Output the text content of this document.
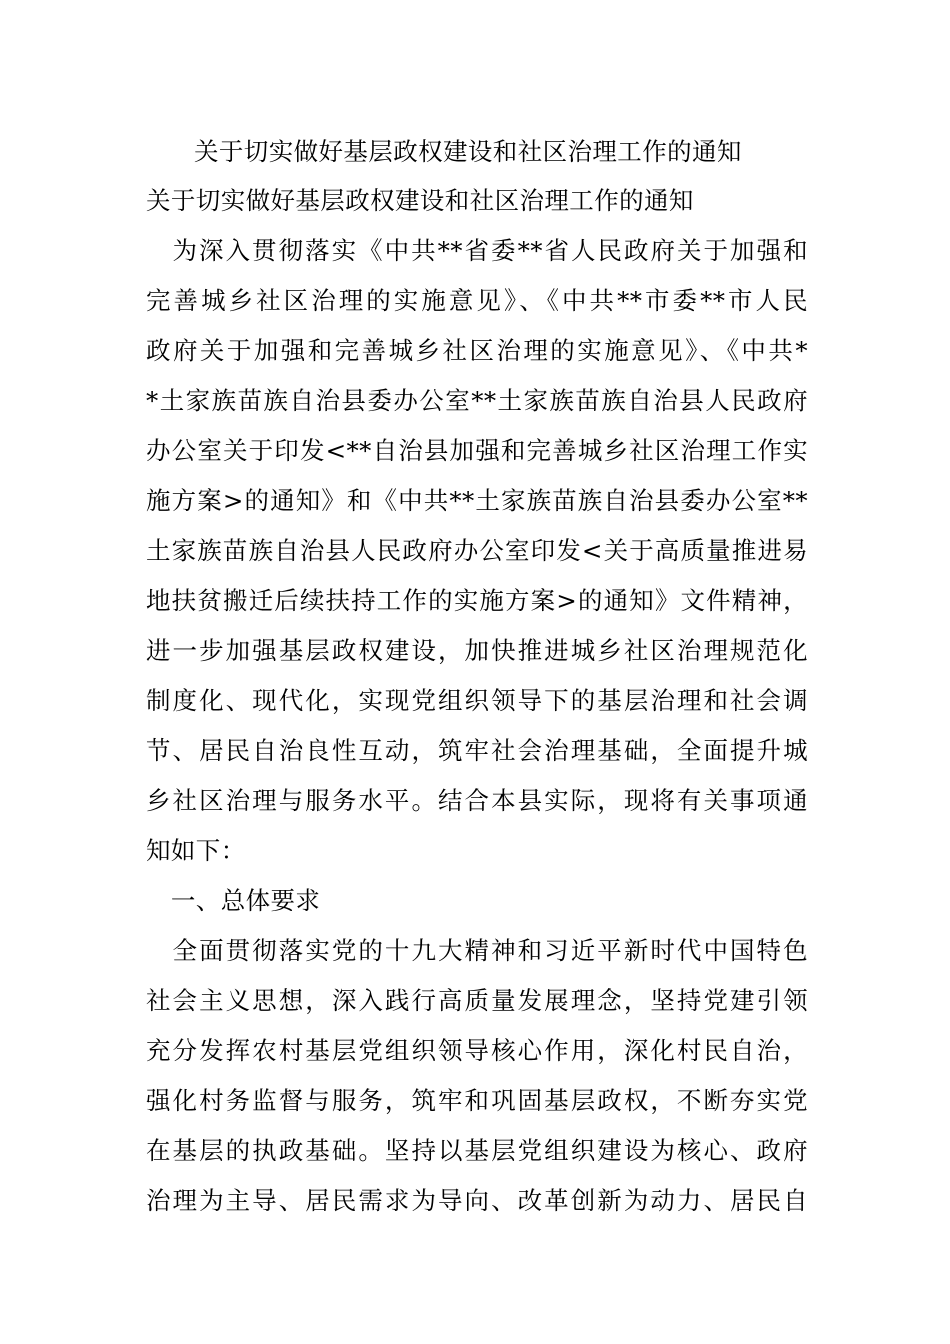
关于切实做好基层政权建设和社区治理工作的通知
关于切实做好基层政权建设和社区治理工作的通知
　为深入贯彻落实《中共**省委**省人民政府关于加强和
完善城乡社区治理的实施意见》、《中共**市委**市人民
政府关于加强和完善城乡社区治理的实施意见》、《中共*
*土家族苗族自治县委办公室**土家族苗族自治县人民政府
办公室关于印发<**自治县加强和完善城乡社区治理工作实
施方案>的通知》和《中共**土家族苗族自治县委办公室**
土家族苗族自治县人民政府办公室印发<关于高质量推进易
地扶贫搬迁后续扶持工作的实施方案>的通知》文件精神，
进一步加强基层政权建设，加快推进城乡社区治理规范化
制度化、现代化，实现党组织领导下的基层治理和社会调
节、居民自治良性互动，筑牢社会治理基础，全面提升城
乡社区治理与服务水平。结合本县实际，现将有关事项通
知如下：
　一、总体要求
　全面贯彻落实党的十九大精神和习近平新时代中国特色
社会主义思想，深入践行高质量发展理念，坚持党建引领
充分发挥农村基层党组织领导核心作用，深化村民自治，
强化村务监督与服务，筑牢和巩固基层政权，不断夯实党
在基层的执政基础。坚持以基层党组织建设为核心、政府
治理为主导、居民需求为导向、改革创新为动力、居民自
